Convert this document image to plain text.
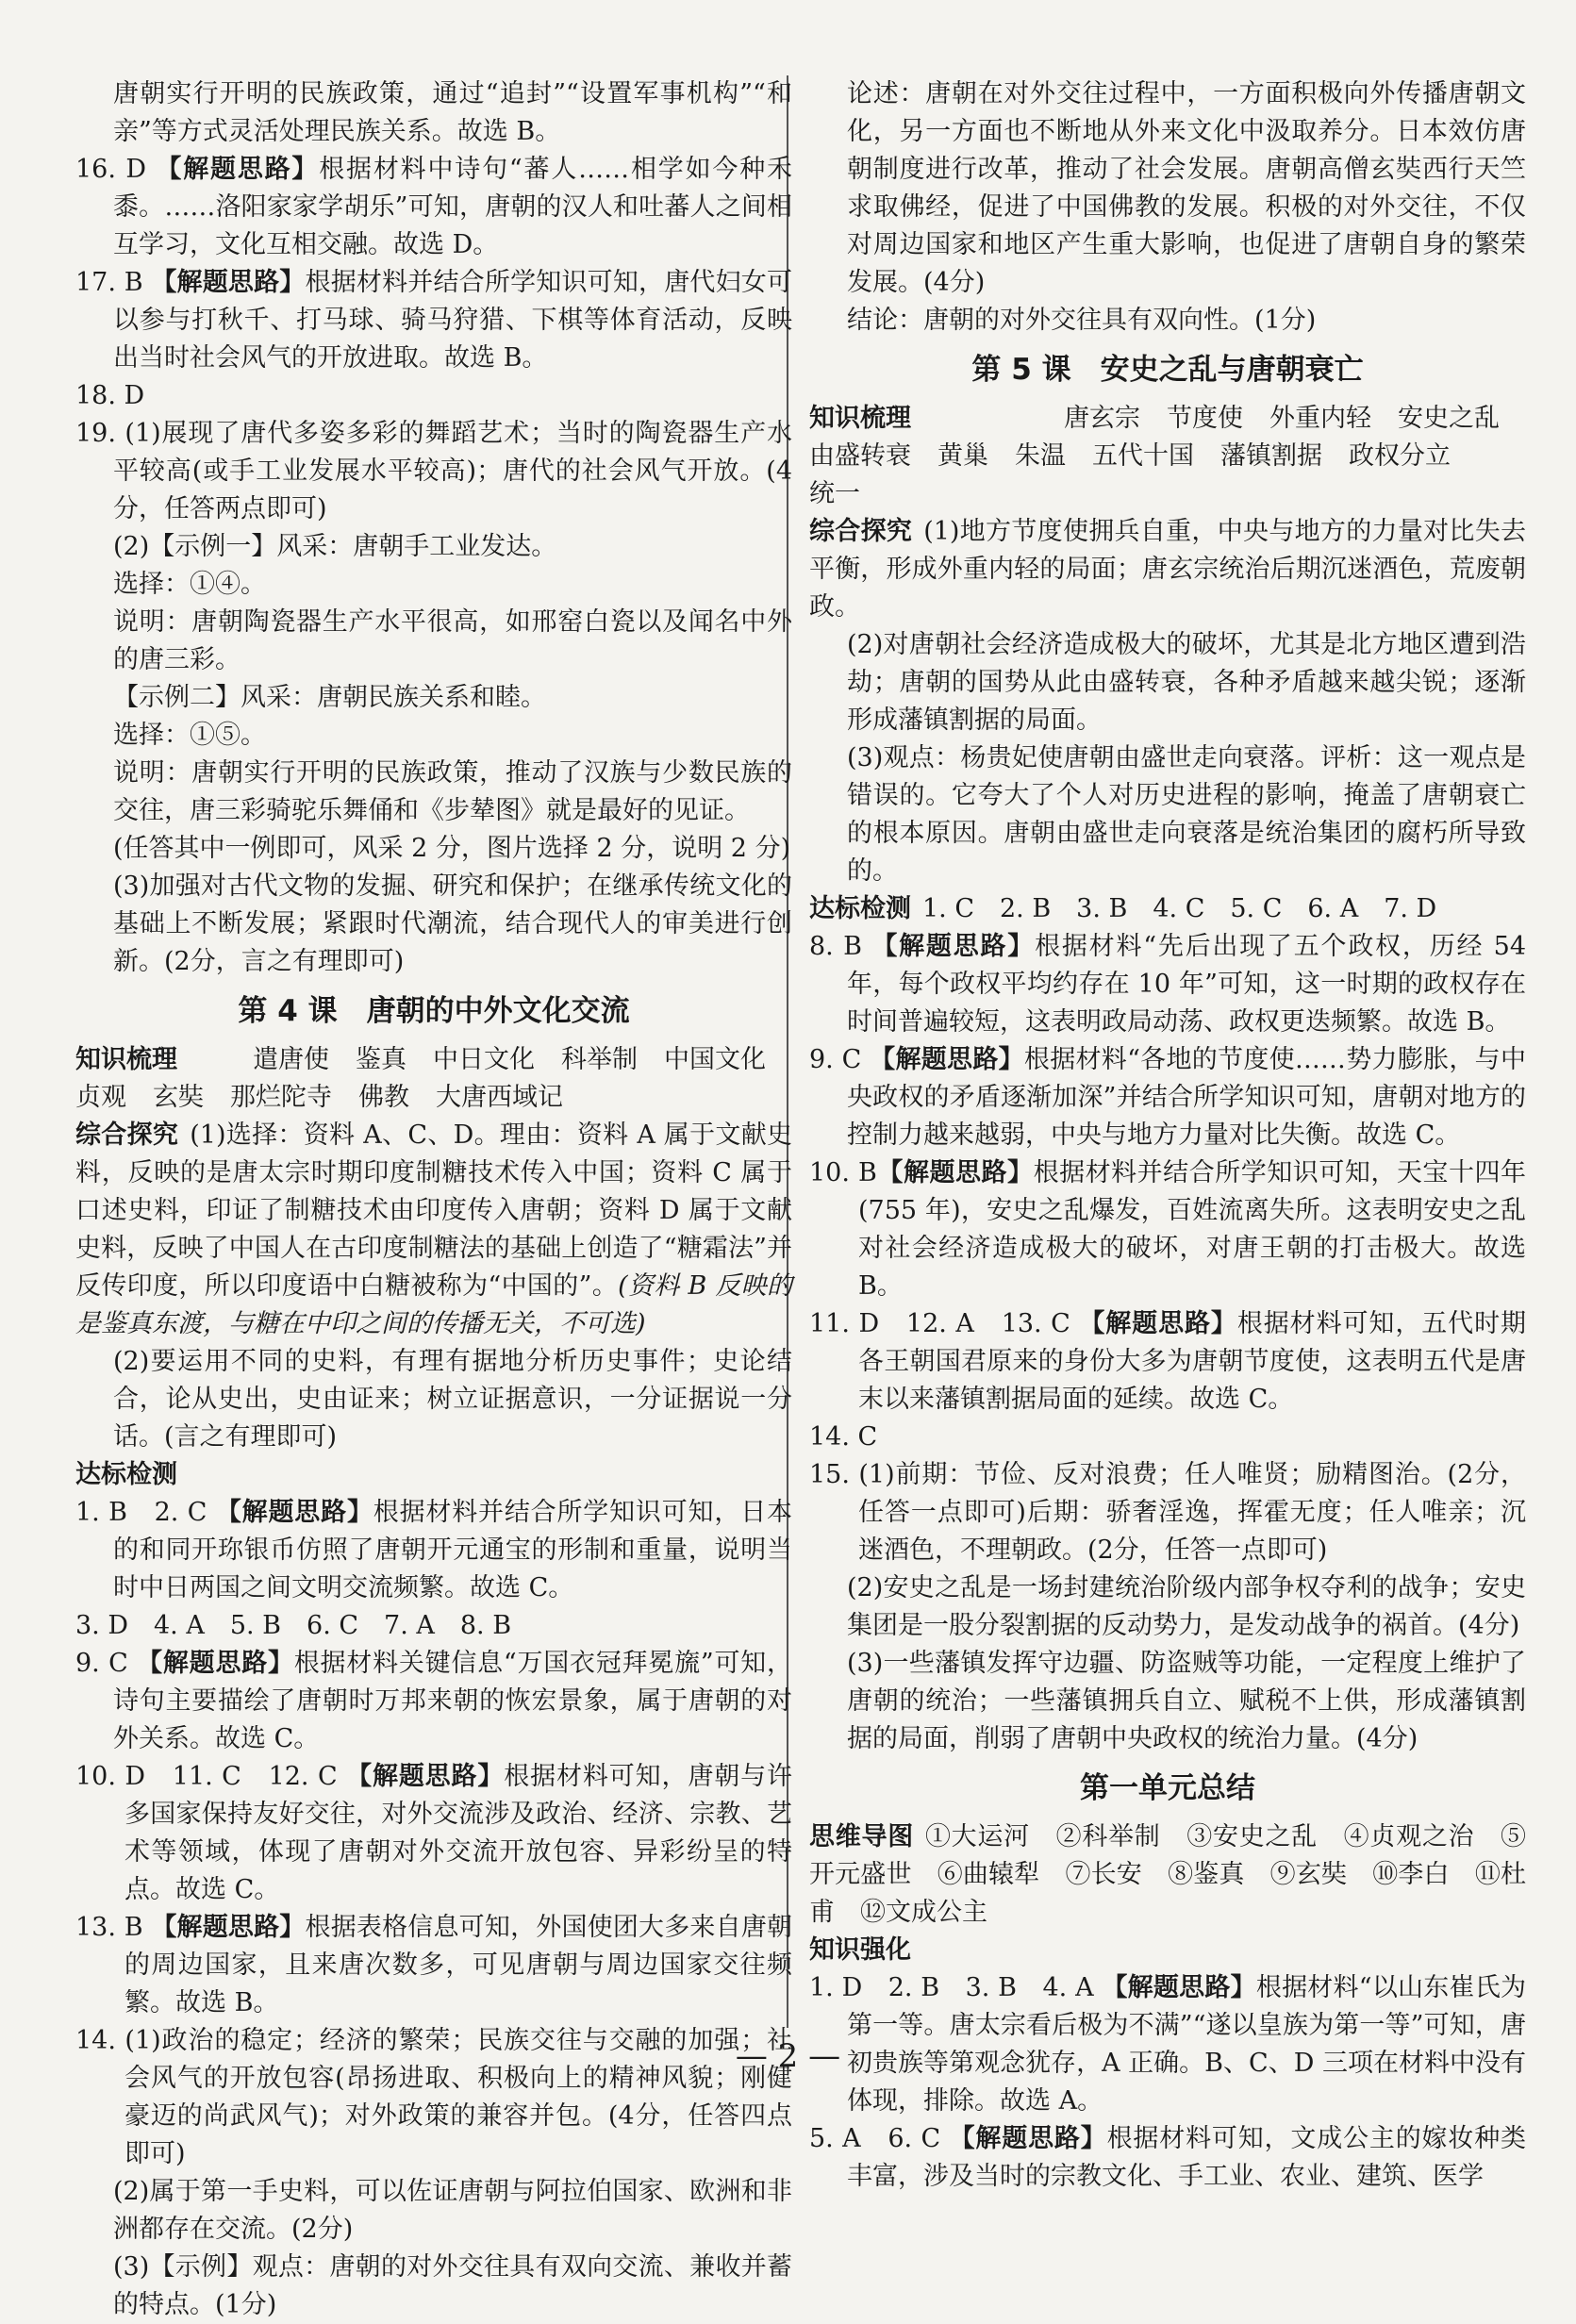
唐朝实行开明的民族政策，通过“追封”“设置军事机构”“和亲”等方式灵活处理民族关系。故选 B。

16. D 【解题思路】根据材料中诗句“蕃人……相学如今种禾黍。……洛阳家家学胡乐”可知，唐朝的汉人和吐蕃人之间相互学习，文化互相交融。故选 D。

17. B 【解题思路】根据材料并结合所学知识可知，唐代妇女可以参与打秋千、打马球、骑马狩猎、下棋等体育活动，反映出当时社会风气的开放进取。故选 B。

18. D

19. (1)展现了唐代多姿多彩的舞蹈艺术；当时的陶瓷器生产水平较高(或手工业发展水平较高)；唐代的社会风气开放。(4分，任答两点即可)

(2)【示例一】风采：唐朝手工业发达。

选择：①④。

说明：唐朝陶瓷器生产水平很高，如邢窑白瓷以及闻名中外的唐三彩。

【示例二】风采：唐朝民族关系和睦。

选择：①⑤。

说明：唐朝实行开明的民族政策，推动了汉族与少数民族的交往，唐三彩骑驼乐舞俑和《步辇图》就是最好的见证。

(任答其中一例即可，风采 2 分，图片选择 2 分，说明 2 分)

(3)加强对古代文物的发掘、研究和保护；在继承传统文化的基础上不断发展；紧跟时代潮流，结合现代人的审美进行创新。(2分，言之有理即可)

第 4 课　唐朝的中外文化交流

知识梳理	遣唐使 鉴真 中日文化 科举制 中国文化贞观 玄奘 那烂陀寺 佛教 大唐西域记

综合探究 (1)选择：资料 A、C、D。理由：资料 A 属于文献史料，反映的是唐太宗时期印度制糖技术传入中国；资料 C 属于口述史料，印证了制糖技术由印度传入唐朝；资料 D 属于文献史料，反映了中国人在古印度制糖法的基础上创造了“糖霜法”并反传印度，所以印度语中白糖被称为“中国的”。(资料 B 反映的是鉴真东渡，与糖在中印之间的传播无关，不可选)

(2)要运用不同的史料，有理有据地分析历史事件；史论结合，论从史出，史由证来；树立证据意识，一分证据说一分话。(言之有理即可)

达标检测

1. B　2. C 【解题思路】根据材料并结合所学知识可知，日本的和同开珎银币仿照了唐朝开元通宝的形制和重量，说明当时中日两国之间文明交流频繁。故选 C。

3. D　4. A　5. B　6. C　7. A　8. B

9. C 【解题思路】根据材料关键信息“万国衣冠拜冕旒”可知，诗句主要描绘了唐朝时万邦来朝的恢宏景象，属于唐朝的对外关系。故选 C。

10. D　11. C　12. C 【解题思路】根据材料可知，唐朝与许多国家保持友好交往，对外交流涉及政治、经济、宗教、艺术等领域，体现了唐朝对外交流开放包容、异彩纷呈的特点。故选 C。

13. B 【解题思路】根据表格信息可知，外国使团大多来自唐朝的周边国家，且来唐次数多，可见唐朝与周边国家交往频繁。故选 B。

14. (1)政治的稳定；经济的繁荣；民族交往与交融的加强；社会风气的开放包容(昂扬进取、积极向上的精神风貌；刚健豪迈的尚武风气)；对外政策的兼容并包。(4分，任答四点即可)

(2)属于第一手史料，可以佐证唐朝与阿拉伯国家、欧洲和非洲都存在交流。(2分)

(3)【示例】观点：唐朝的对外交往具有双向交流、兼收并蓄的特点。(1分)

论述：唐朝在对外交往过程中，一方面积极向外传播唐朝文化，另一方面也不断地从外来文化中汲取养分。日本效仿唐朝制度进行改革，推动了社会发展。唐朝高僧玄奘西行天竺求取佛经，促进了中国佛教的发展。积极的对外交往，不仅对周边国家和地区产生重大影响，也促进了唐朝自身的繁荣发展。(4分)

结论：唐朝的对外交往具有双向性。(1分)

第 5 课　安史之乱与唐朝衰亡

知识梳理	唐玄宗 节度使 外重内轻 安史之乱由盛转衰 黄巢 朱温 五代十国 藩镇割据 政权分立统一

综合探究 (1)地方节度使拥兵自重，中央与地方的力量对比失去平衡，形成外重内轻的局面；唐玄宗统治后期沉迷酒色，荒废朝政。

(2)对唐朝社会经济造成极大的破坏，尤其是北方地区遭到浩劫；唐朝的国势从此由盛转衰，各种矛盾越来越尖锐；逐渐形成藩镇割据的局面。

(3)观点：杨贵妃使唐朝由盛世走向衰落。评析：这一观点是错误的。它夸大了个人对历史进程的影响，掩盖了唐朝衰亡的根本原因。唐朝由盛世走向衰落是统治集团的腐朽所导致的。

达标检测 1. C　2. B　3. B　4. C　5. C　6. A　7. D

8. B 【解题思路】根据材料“先后出现了五个政权，历经 54 年，每个政权平均约存在 10 年”可知，这一时期的政权存在时间普遍较短，这表明政局动荡、政权更迭频繁。故选 B。

9. C 【解题思路】根据材料“各地的节度使……势力膨胀，与中央政权的矛盾逐渐加深”并结合所学知识可知，唐朝对地方的控制力越来越弱，中央与地方力量对比失衡。故选 C。

10. B【解题思路】根据材料并结合所学知识可知，天宝十四年(755 年)，安史之乱爆发，百姓流离失所。这表明安史之乱对社会经济造成极大的破坏，对唐王朝的打击极大。故选 B。

11. D　12. A　13. C 【解题思路】根据材料可知，五代时期各王朝国君原来的身份大多为唐朝节度使，这表明五代是唐末以来藩镇割据局面的延续。故选 C。

14. C

15. (1)前期：节俭、反对浪费；任人唯贤；励精图治。(2分，任答一点即可)后期：骄奢淫逸，挥霍无度；任人唯亲；沉迷酒色，不理朝政。(2分，任答一点即可)

(2)安史之乱是一场封建统治阶级内部争权夺利的战争；安史集团是一股分裂割据的反动势力，是发动战争的祸首。(4分)

(3)一些藩镇发挥守边疆、防盗贼等功能，一定程度上维护了唐朝的统治；一些藩镇拥兵自立、赋税不上供，形成藩镇割据的局面，削弱了唐朝中央政权的统治力量。(4分)

第一单元总结

思维导图 ①大运河　②科举制　③安史之乱　④贞观之治　⑤开元盛世　⑥曲辕犁　⑦长安　⑧鉴真　⑨玄奘　⑩李白　⑪杜甫　⑫文成公主

知识强化

1. D　2. B　3. B　4. A 【解题思路】根据材料“以山东崔氏为第一等。唐太宗看后极为不满”“遂以皇族为第一等”可知，唐初贵族等第观念犹存，A 正确。B、C、D 三项在材料中没有体现，排除。故选 A。

5. A　6. C 【解题思路】根据材料可知，文成公主的嫁妆种类丰富，涉及当时的宗教文化、手工业、农业、建筑、医学

— 2 —
